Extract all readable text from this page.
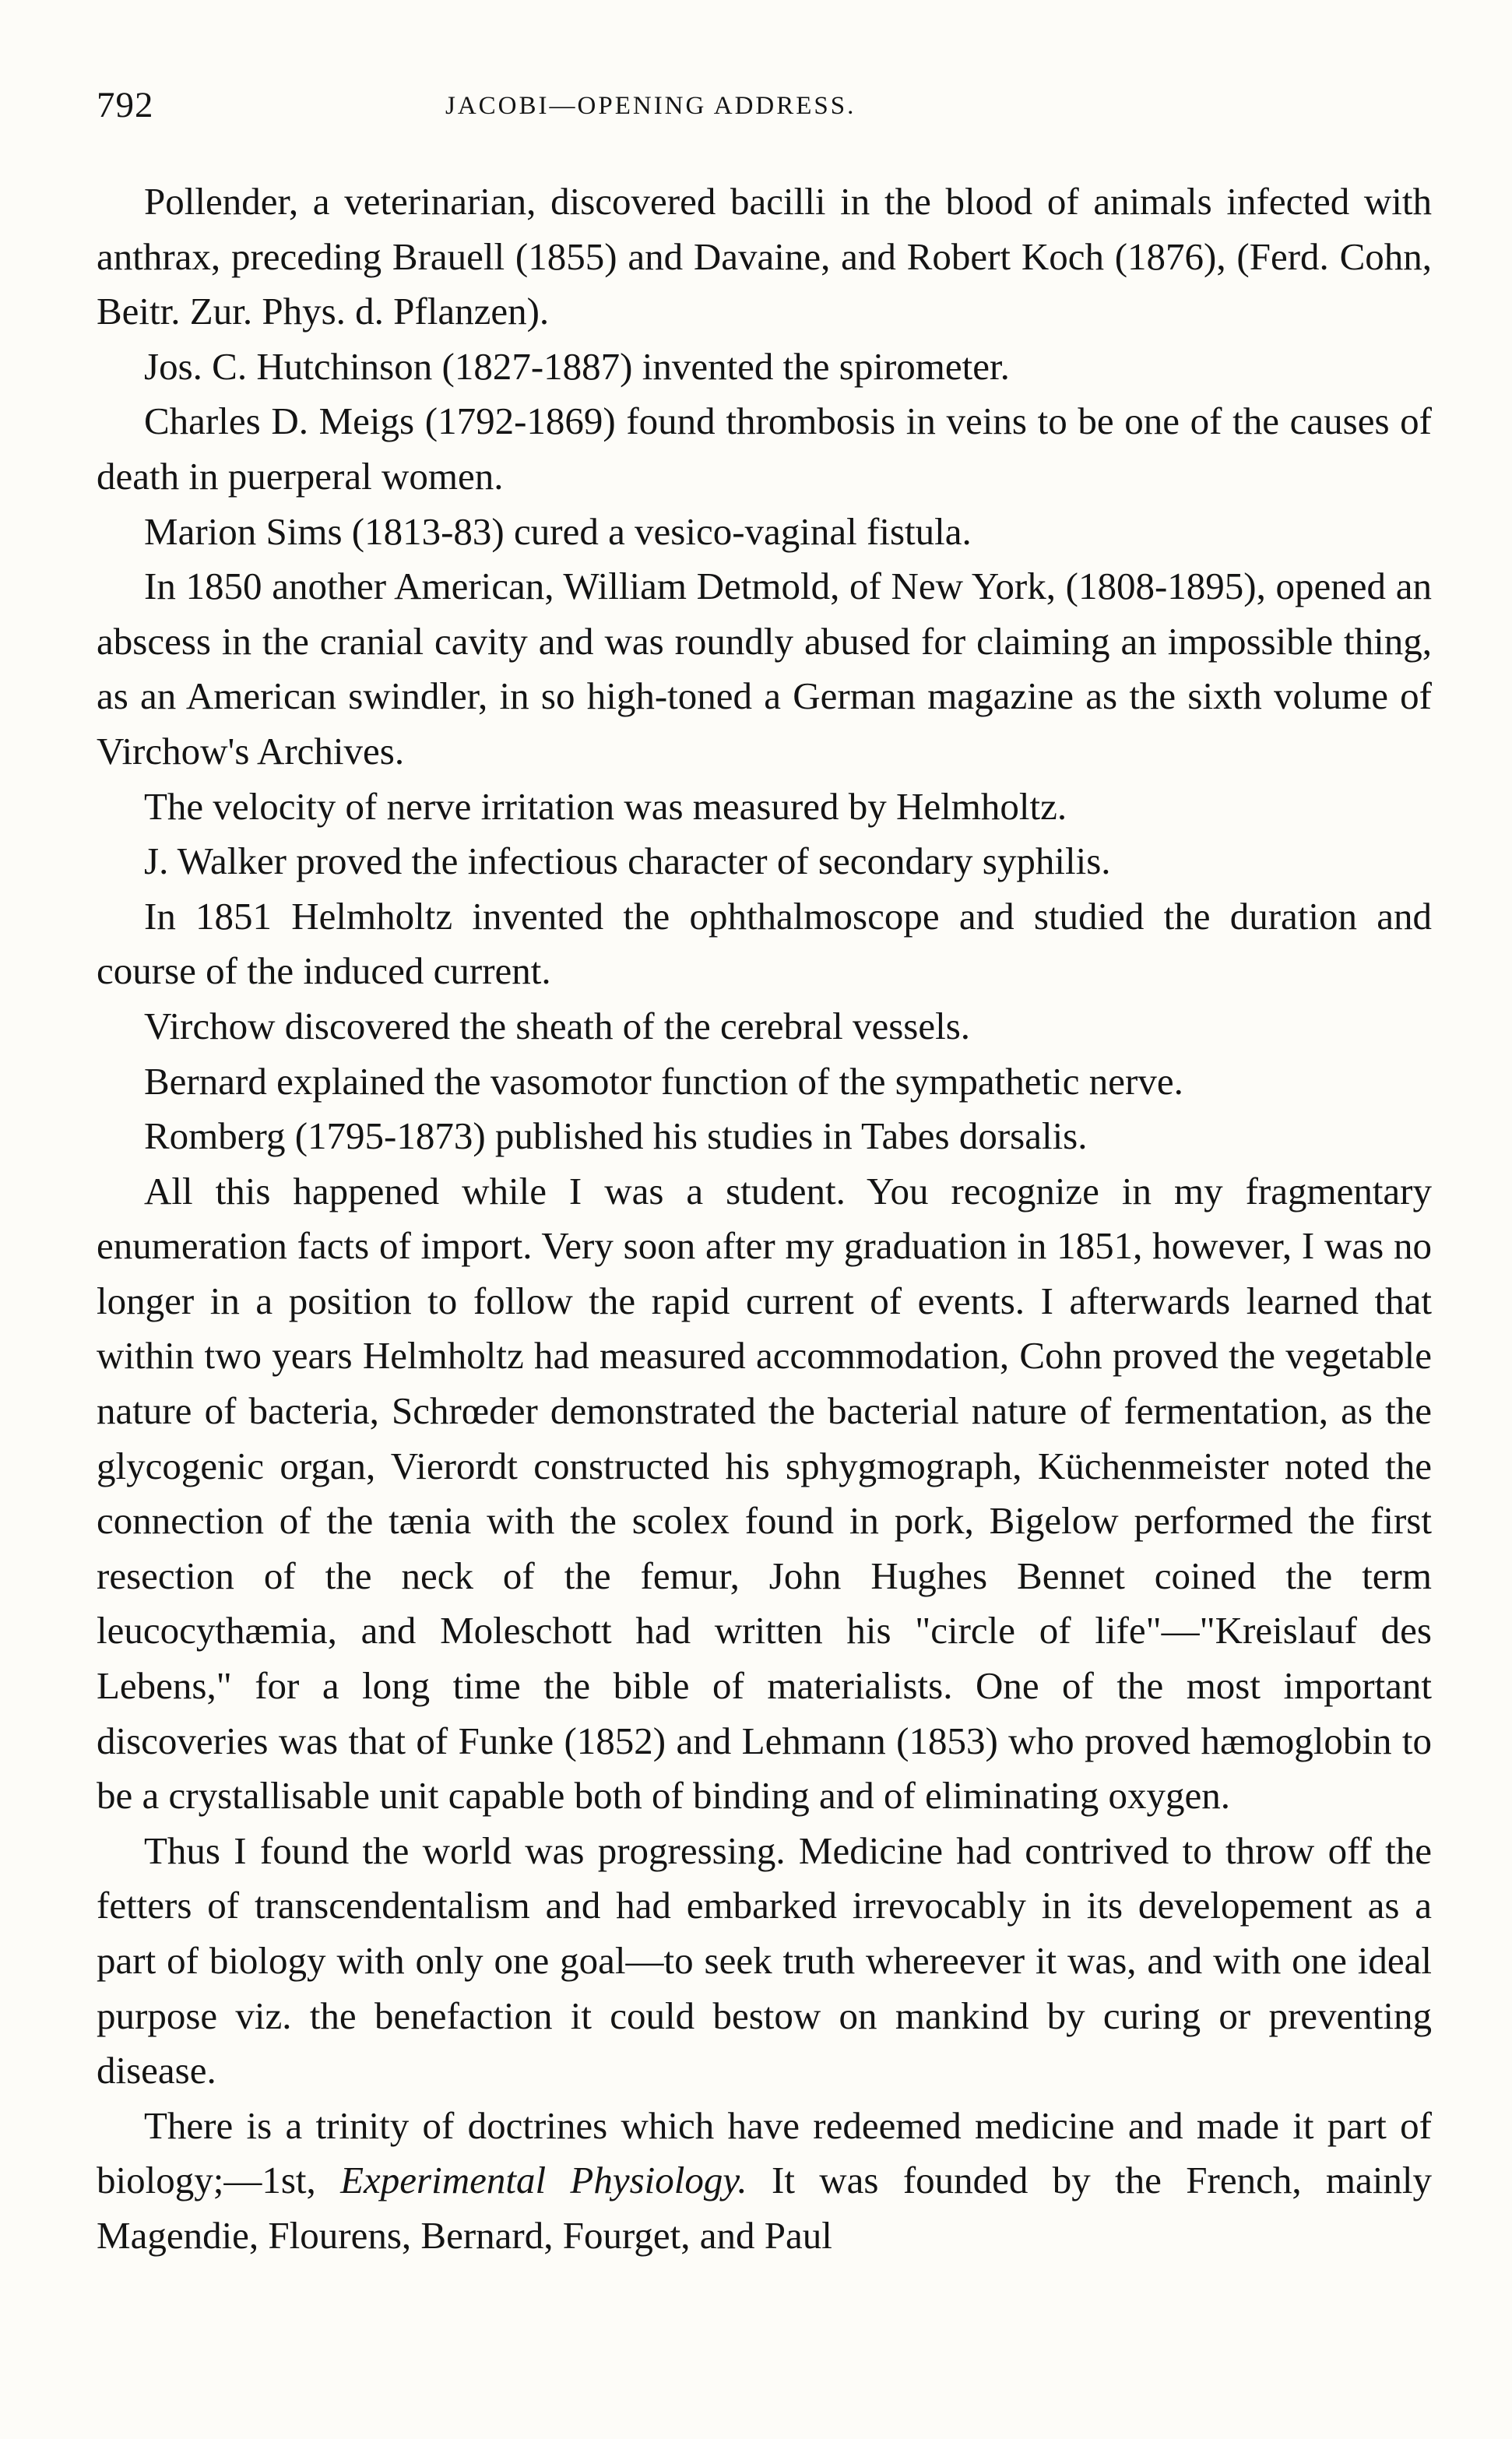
792	JACOBI—OPENING ADDRESS.

Pollender, a veterinarian, discovered bacilli in the blood of animals infected with anthrax, preceding Brauell (1855) and Davaine, and Robert Koch (1876), (Ferd. Cohn, Beitr. Zur. Phys. d. Pflanzen).

Jos. C. Hutchinson (1827-1887) invented the spirometer.

Charles D. Meigs (1792-1869) found thrombosis in veins to be one of the causes of death in puerperal women.

Marion Sims (1813-83) cured a vesico-vaginal fistula.

In 1850 another American, William Detmold, of New York, (1808-1895), opened an abscess in the cranial cavity and was roundly abused for claiming an impossible thing, as an American swindler, in so high-toned a German magazine as the sixth volume of Virchow's Archives.

The velocity of nerve irritation was measured by Helmholtz.

J. Walker proved the infectious character of secondary syphilis.

In 1851 Helmholtz invented the ophthalmoscope and studied the duration and course of the induced current.

Virchow discovered the sheath of the cerebral vessels.

Bernard explained the vasomotor function of the sympathetic nerve.

Romberg (1795-1873) published his studies in Tabes dorsalis.

All this happened while I was a student. You recognize in my fragmentary enumeration facts of import. Very soon after my graduation in 1851, however, I was no longer in a position to follow the rapid current of events. I afterwards learned that within two years Helmholtz had measured accommodation, Cohn proved the vegetable nature of bacteria, Schrœder demonstrated the bacterial nature of fermentation, as the glycogenic organ, Vierordt constructed his sphygmograph, Küchenmeister noted the connection of the tænia with the scolex found in pork, Bigelow performed the first resection of the neck of the femur, John Hughes Bennet coined the term leucocythæmia, and Moleschott had written his "circle of life"—"Kreislauf des Lebens," for a long time the bible of materialists. One of the most important discoveries was that of Funke (1852) and Lehmann (1853) who proved hæmoglobin to be a crystallisable unit capable both of binding and of eliminating oxygen.

Thus I found the world was progressing. Medicine had contrived to throw off the fetters of transcendentalism and had embarked irrevocably in its developement as a part of biology with only one goal—to seek truth whereever it was, and with one ideal purpose viz. the benefaction it could bestow on mankind by curing or preventing disease.

There is a trinity of doctrines which have redeemed medicine and made it part of biology;—1st, Experimental Physiology. It was founded by the French, mainly Magendie, Flourens, Bernard, Fourget, and Paul
